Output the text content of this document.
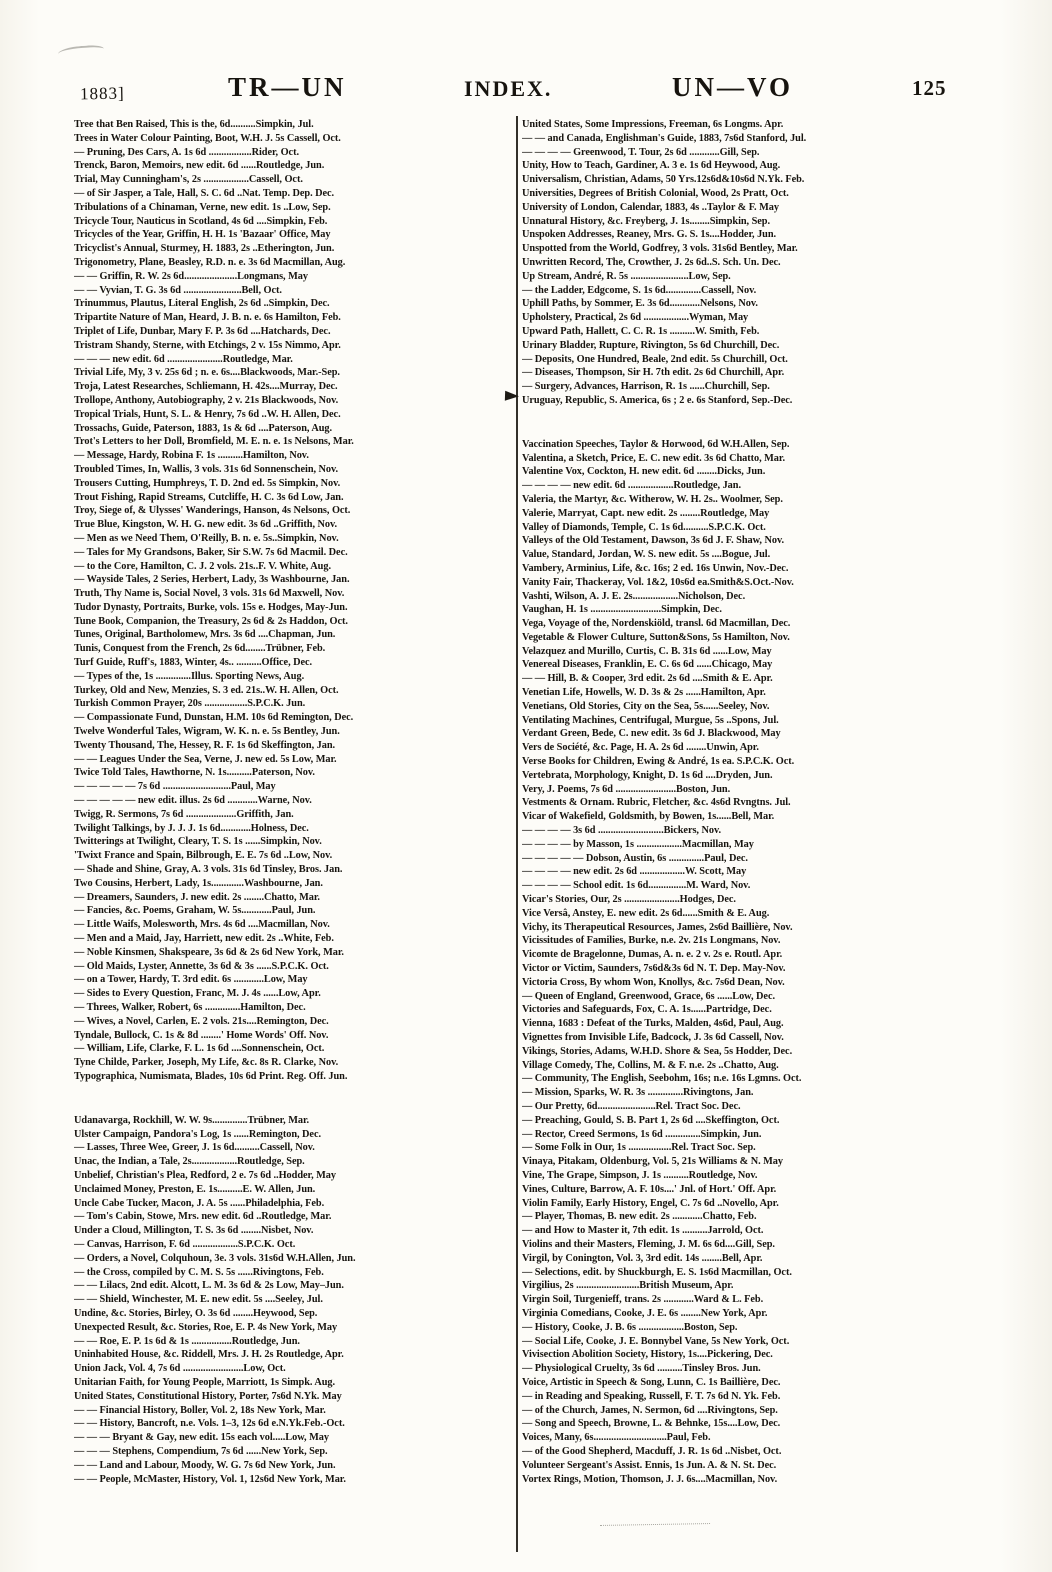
1883]	TR—UN	INDEX.	UN—VO	125
Tree that Ben Raised, This is the, 6d..........Simpkin, Jul.
Trees in Water Colour Painting, Boot, W.H. J. 5s Cassell, Oct.
— Pruning, Des Cars, A. 1s 6d .................Rider, Oct.
Trenck, Baron, Memoirs, new edit. 6d ......Routledge, Jun.
Trial, May Cunningham's, 2s ..................Cassell, Oct.
— of Sir Jasper, a Tale, Hall, S. C. 6d ..Nat. Temp. Dep. Dec.
Tribulations of a Chinaman, Verne, new edit. 1s ..Low, Sep.
Tricycle Tour, Nauticus in Scotland, 4s 6d ....Simpkin, Feb.
Tricycles of the Year, Griffin, H. H. 1s 'Bazaar' Office, May
Tricyclist's Annual, Sturmey, H. 1883, 2s ..Etherington, Jun.
Trigonometry, Plane, Beasley, R.D. n. e. 3s 6d Macmillan, Aug.
— — Griffin, R. W. 2s 6d.....................Longmans, May
— — Vyvian, T. G. 3s 6d .......................Bell, Oct.
Trinummus, Plautus, Literal English, 2s 6d ..Simpkin, Dec.
Tripartite Nature of Man, Heard, J. B. n. e. 6s Hamilton, Feb.
Triplet of Life, Dunbar, Mary F. P. 3s 6d ....Hatchards, Dec.
Tristram Shandy, Sterne, with Etchings, 2 v. 15s Nimmo, Apr.
— — — new edit. 6d ......................Routledge, Mar.
Trivial Life, My, 3 v. 25s 6d ; n. e. 6s....Blackwoods, Mar.-Sep.
Troja, Latest Researches, Schliemann, H. 42s....Murray, Dec.
Trollope, Anthony, Autobiography, 2 v. 21s Blackwoods, Nov.
Tropical Trials, Hunt, S. L. & Henry, 7s 6d ..W. H. Allen, Dec.
Trossachs, Guide, Paterson, 1883, 1s & 6d ....Paterson, Aug.
Trot's Letters to her Doll, Bromfield, M. E. n. e. 1s Nelsons, Mar.
— Message, Hardy, Robina F. 1s ..........Hamilton, Nov.
Troubled Times, In, Wallis, 3 vols. 31s 6d Sonnenschein, Nov.
Trousers Cutting, Humphreys, T. D. 2nd ed. 5s Simpkin, Nov.
Trout Fishing, Rapid Streams, Cutcliffe, H. C. 3s 6d Low, Jan.
Troy, Siege of, & Ulysses' Wanderings, Hanson, 4s Nelsons, Oct.
True Blue, Kingston, W. H. G. new edit. 3s 6d ..Griffith, Nov.
— Men as we Need Them, O'Reilly, B. n. e. 5s..Simpkin, Nov.
— Tales for My Grandsons, Baker, Sir S.W. 7s 6d Macmil. Dec.
— to the Core, Hamilton, C. J. 2 vols. 21s..F. V. White, Aug.
— Wayside Tales, 2 Series, Herbert, Lady, 3s Washbourne, Jan.
Truth, Thy Name is, Social Novel, 3 vols. 31s 6d Maxwell, Nov.
Tudor Dynasty, Portraits, Burke, vols. 15s e. Hodges, May-Jun.
Tune Book, Companion, the Treasury, 2s 6d & 2s Haddon, Oct.
Tunes, Original, Bartholomew, Mrs. 3s 6d ....Chapman, Jun.
Tunis, Conquest from the French, 2s 6d........Trübner, Feb.
Turf Guide, Ruff's, 1883, Winter, 4s.. ..........Office, Dec.
— Types of the, 1s ..............Illus. Sporting News, Aug.
Turkey, Old and New, Menzies, S. 3 ed. 21s..W. H. Allen, Oct.
Turkish Common Prayer, 20s .................S.P.C.K. Jun.
— Compassionate Fund, Dunstan, H.M. 10s 6d Remington, Dec.
Twelve Wonderful Tales, Wigram, W. K. n. e. 5s Bentley, Jun.
Twenty Thousand, The, Hessey, R. F. 1s 6d Skeffington, Jan.
— — Leagues Under the Sea, Verne, J. new ed. 5s Low, Mar.
Twice Told Tales, Hawthorne, N. 1s..........Paterson, Nov.
— — — — — 7s 6d ...........................Paul, May
— — — — — new edit. illus. 2s 6d ............Warne, Nov.
Twigg, R. Sermons, 7s 6d ....................Griffith, Jan.
Twilight Talkings, by J. J. J. 1s 6d............Holness, Dec.
Twitterings at Twilight, Cleary, T. S. 1s ......Simpkin, Nov.
'Twixt France and Spain, Bilbrough, E. E. 7s 6d ..Low, Nov.
— Shade and Shine, Gray, A. 3 vols. 31s 6d Tinsley, Bros. Jan.
Two Cousins, Herbert, Lady, 1s.............Washbourne, Jan.
— Dreamers, Saunders, J. new edit. 2s ........Chatto, Mar.
— Fancies, &c. Poems, Graham, W. 5s............Paul, Jun.
— Little Waifs, Molesworth, Mrs. 4s 6d ....Macmillan, Nov.
— Men and a Maid, Jay, Harriett, new edit. 2s ..White, Feb.
— Noble Kinsmen, Shakspeare, 3s 6d & 2s 6d New York, Mar.
— Old Maids, Lyster, Annette, 3s 6d & 3s ......S.P.C.K. Oct.
— on a Tower, Hardy, T. 3rd edit. 6s ............Low, May
— Sides to Every Question, Franc, M. J. 4s ......Low, Apr.
— Threes, Walker, Robert, 6s ..............Hamilton, Dec.
— Wives, a Novel, Carlen, E. 2 vols. 21s....Remington, Dec.
Tyndale, Bullock, C. 1s & 8d ........' Home Words' Off. Nov.
— William, Life, Clarke, F. L. 1s 6d ....Sonnenschein, Oct.
Tyne Childe, Parker, Joseph, My Life, &c. 8s R. Clarke, Nov.
Typographica, Numismata, Blades, 10s 6d Print. Reg. Off. Jun.
Udanavarga, Rockhill, W. W. 9s..............Trübner, Mar.
Ulster Campaign, Pandora's Log, 1s ......Remington, Dec.
— Lasses, Three Wee, Greer, J. 1s 6d..........Cassell, Nov.
Unac, the Indian, a Tale, 2s..................Routledge, Sep.
Unbelief, Christian's Plea, Redford, 2 e. 7s 6d ..Hodder, May
Unclaimed Money, Preston, E. 1s..........E. W. Allen, Jun.
Uncle Cabe Tucker, Macon, J. A. 5s ......Philadelphia, Feb.
— Tom's Cabin, Stowe, Mrs. new edit. 6d ..Routledge, Mar.
Under a Cloud, Millington, T. S. 3s 6d ........Nisbet, Nov.
— Canvas, Harrison, F. 6d ..................S.P.C.K. Oct.
— Orders, a Novel, Colquhoun, 3e. 3 vols. 31s6d W.H.Allen, Jun.
— the Cross, compiled by C. M. S. 5s ......Rivingtons, Feb.
— — Lilacs, 2nd edit. Alcott, L. M. 3s 6d & 2s Low, May–Jun.
— — Shield, Winchester, M. E. new edit. 5s ....Seeley, Jul.
Undine, &c. Stories, Birley, O. 3s 6d ........Heywood, Sep.
Unexpected Result, &c. Stories, Roe, E. P. 4s New York, May
— — Roe, E. P. 1s 6d & 1s ................Routledge, Jun.
Uninhabited House, &c. Riddell, Mrs. J. H. 2s Routledge, Apr.
Union Jack, Vol. 4, 7s 6d ........................Low, Oct.
Unitarian Faith, for Young People, Marriott, 1s Simpk. Aug.
United States, Constitutional History, Porter, 7s6d N.Yk. May
— — Financial History, Boller, Vol. 2, 18s New York, Mar.
— — History, Bancroft, n.e. Vols. 1–3, 12s 6d e.N.Yk.Feb.-Oct.
— — — Bryant & Gay, new edit. 15s each vol.....Low, May
— — — Stephens, Compendium, 7s 6d ......New York, Sep.
— — Land and Labour, Moody, W. G. 7s 6d New York, Jun.
— — People, McMaster, History, Vol. 1, 12s6d New York, Mar.
United States, Some Impressions, Freeman, 6s Longms. Apr.
— — and Canada, Englishman's Guide, 1883, 7s6d Stanford, Jul.
— — — — Greenwood, T. Tour, 2s 6d ............Gill, Sep.
Unity, How to Teach, Gardiner, A. 3 e. 1s 6d Heywood, Aug.
Universalism, Christian, Adams, 50 Yrs.12s6d&10s6d N.Yk. Feb.
Universities, Degrees of British Colonial, Wood, 2s Pratt, Oct.
University of London, Calendar, 1883, 4s ..Taylor & F. May
Unnatural History, &c. Freyberg, J. 1s........Simpkin, Sep.
Unspoken Addresses, Reaney, Mrs. G. S. 1s....Hodder, Jun.
Unspotted from the World, Godfrey, 3 vols. 31s6d Bentley, Mar.
Unwritten Record, The, Crowther, J. 2s 6d..S. Sch. Un. Dec.
Up Stream, André, R. 5s .......................Low, Sep.
— the Ladder, Edgcome, S. 1s 6d..............Cassell, Nov.
Uphill Paths, by Sommer, E. 3s 6d............Nelsons, Nov.
Upholstery, Practical, 2s 6d ..................Wyman, May
Upward Path, Hallett, C. C. R. 1s ..........W. Smith, Feb.
Urinary Bladder, Rupture, Rivington, 5s 6d Churchill, Dec.
— Deposits, One Hundred, Beale, 2nd edit. 5s Churchill, Oct.
— Diseases, Thompson, Sir H. 7th edit. 2s 6d Churchill, Apr.
— Surgery, Advances, Harrison, R. 1s ......Churchill, Sep.
Uruguay, Republic, S. America, 6s ; 2 e. 6s Stanford, Sep.-Dec.
Vaccination Speeches, Taylor & Horwood, 6d W.H.Allen, Sep.
Valentina, a Sketch, Price, E. C. new edit. 3s 6d Chatto, Mar.
Valentine Vox, Cockton, H. new edit. 6d ........Dicks, Jun.
— — — — new edit. 6d ..................Routledge, Jan.
Valeria, the Martyr, &c. Witherow, W. H. 2s.. Woolmer, Sep.
Valerie, Marryat, Capt. new edit. 2s ........Routledge, May
Valley of Diamonds, Temple, C. 1s 6d..........S.P.C.K. Oct.
Valleys of the Old Testament, Dawson, 3s 6d J. F. Shaw, Nov.
Value, Standard, Jordan, W. S. new edit. 5s ....Bogue, Jul.
Vambery, Arminius, Life, &c. 16s; 2 ed. 16s Unwin, Nov.-Dec.
Vanity Fair, Thackeray, Vol. 1&2, 10s6d ea.Smith&S.Oct.-Nov.
Vashti, Wilson, A. J. E. 2s..................Nicholson, Dec.
Vaughan, H. 1s ............................Simpkin, Dec.
Vega, Voyage of the, Nordenskiöld, transl. 6d Macmillan, Dec.
Vegetable & Flower Culture, Sutton&Sons, 5s Hamilton, Nov.
Velazquez and Murillo, Curtis, C. B. 31s 6d ......Low, May
Venereal Diseases, Franklin, E. C. 6s 6d ......Chicago, May
— — Hill, B. & Cooper, 3rd edit. 2s 6d ....Smith & E. Apr.
Venetian Life, Howells, W. D. 3s & 2s ......Hamilton, Apr.
Venetians, Old Stories, City on the Sea, 5s......Seeley, Nov.
Ventilating Machines, Centrifugal, Murgue, 5s ..Spons, Jul.
Verdant Green, Bede, C. new edit. 3s 6d J. Blackwood, May
Vers de Société, &c. Page, H. A. 2s 6d ........Unwin, Apr.
Verse Books for Children, Ewing & André, 1s ea. S.P.C.K. Oct.
Vertebrata, Morphology, Knight, D. 1s 6d ....Dryden, Jun.
Very, J. Poems, 7s 6d ........................Boston, Jun.
Vestments & Ornam. Rubric, Fletcher, &c. 4s6d Rvngtns. Jul.
Vicar of Wakefield, Goldsmith, by Bowen, 1s......Bell, Mar.
— — — — 3s 6d ..........................Bickers, Nov.
— — — — by Masson, 1s ..................Macmillan, May
— — — — — Dobson, Austin, 6s ..............Paul, Dec.
— — — — new edit. 2s 6d ..................W. Scott, May
— — — — School edit. 1s 6d...............M. Ward, Nov.
Vicar's Stories, Our, 2s ......................Hodges, Dec.
Vice Versâ, Anstey, E. new edit. 2s 6d......Smith & E. Aug.
Vichy, its Therapeutical Resources, James, 2s6d Baillière, Nov.
Vicissitudes of Families, Burke, n.e. 2v. 21s Longmans, Nov.
Vicomte de Bragelonne, Dumas, A. n. e. 2 v. 2s e. Routl. Apr.
Victor or Victim, Saunders, 7s6d&3s 6d N. T. Dep. May-Nov.
Victoria Cross, By whom Won, Knollys, &c. 7s6d Dean, Nov.
— Queen of England, Greenwood, Grace, 6s ......Low, Dec.
Victories and Safeguards, Fox, C. A. 1s......Partridge, Dec.
Vienna, 1683 : Defeat of the Turks, Malden, 4s6d, Paul, Aug.
Vignettes from Invisible Life, Badcock, J. 3s 6d Cassell, Nov.
Vikings, Stories, Adams, W.H.D. Shore & Sea, 5s Hodder, Dec.
Village Comedy, The, Collins, M. & F. n.e. 2s ..Chatto, Aug.
— Community, The English, Seebohm, 16s; n.e. 16s Lgmns. Oct.
— Mission, Sparks, W. R. 3s ..............Rivingtons, Jan.
— Our Pretty, 6d.......................Rel. Tract Soc. Dec.
— Preaching, Gould, S. B. Part 1, 2s 6d ....Skeffington, Oct.
— Rector, Creed Sermons, 1s 6d ..............Simpkin, Jun.
— Some Folk in Our, 1s .................Rel. Tract Soc. Sep.
Vinaya, Pitakam, Oldenburg, Vol. 5, 21s Williams & N. May
Vine, The Grape, Simpson, J. 1s ..........Routledge, Nov.
Vines, Culture, Barrow, A. F. 10s....' Jnl. of Hort.' Off. Apr.
Violin Family, Early History, Engel, C. 7s 6d ..Novello, Apr.
— Player, Thomas, B. new edit. 2s ............Chatto, Feb.
— and How to Master it, 7th edit. 1s ..........Jarrold, Oct.
Violins and their Masters, Fleming, J. M. 6s 6d....Gill, Sep.
Virgil, by Conington, Vol. 3, 3rd edit. 14s ........Bell, Apr.
— Selections, edit. by Shuckburgh, E. S. 1s6d Macmillan, Oct.
Virgilius, 2s .........................British Museum, Apr.
Virgin Soil, Turgenieff, trans. 2s ............Ward & L. Feb.
Virginia Comedians, Cooke, J. E. 6s ........New York, Apr.
— History, Cooke, J. B. 6s ..................Boston, Sep.
— Social Life, Cooke, J. E. Bonnybel Vane, 5s New York, Oct.
Vivisection Abolition Society, History, 1s....Pickering, Dec.
— Physiological Cruelty, 3s 6d ..........Tinsley Bros. Jun.
Voice, Artistic in Speech & Song, Lunn, C. 1s Baillière, Dec.
— in Reading and Speaking, Russell, F. T. 7s 6d N. Yk. Feb.
— of the Church, James, N. Sermon, 6d ....Rivingtons, Sep.
— Song and Speech, Browne, L. & Behnke, 15s....Low, Dec.
Voices, Many, 6s.............................Paul, Feb.
— of the Good Shepherd, Macduff, J. R. 1s 6d ..Nisbet, Oct.
Volunteer Sergeant's Assist. Ennis, 1s Jun. A. & N. St. Dec.
Vortex Rings, Motion, Thomson, J. J. 6s....Macmillan, Nov.
